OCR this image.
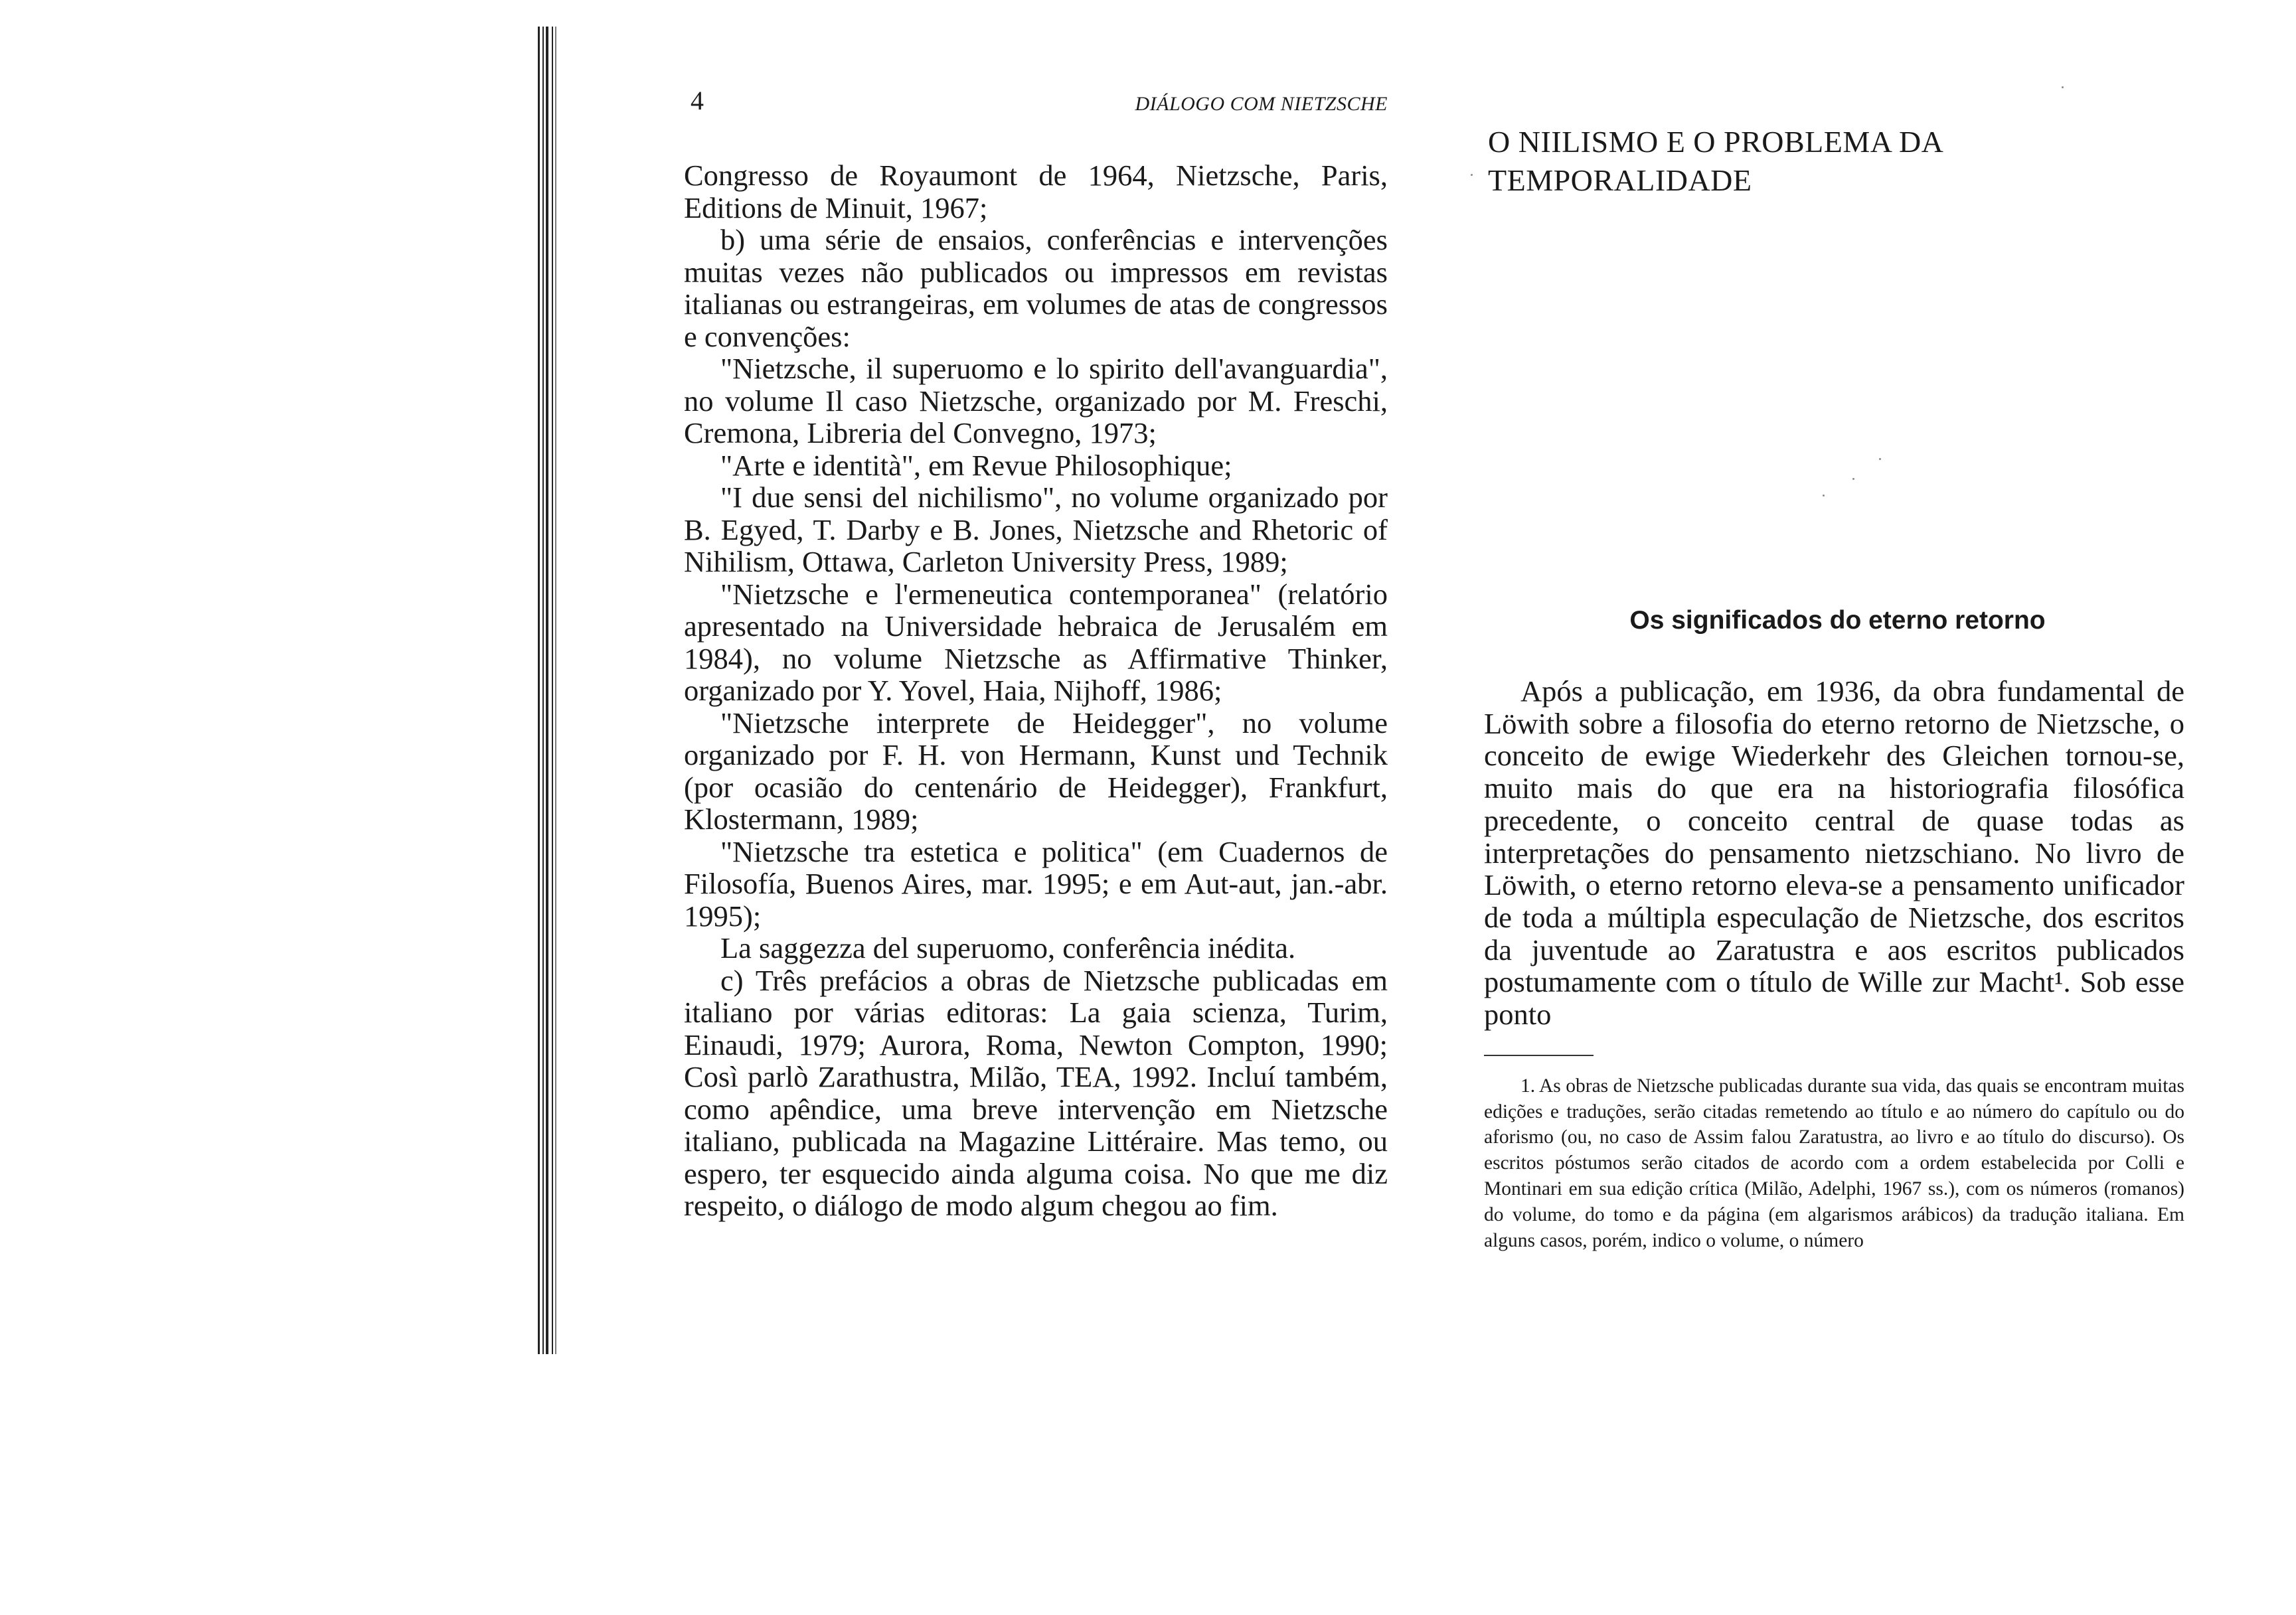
4	DIÁLOGO COM NIETZSCHE

Congresso de Royaumont de 1964, Nietzsche, Paris, Editions de Minuit, 1967;

b) uma série de ensaios, conferências e intervenções muitas vezes não publicados ou impressos em revistas italianas ou estrangeiras, em volumes de atas de congressos e convenções:

"Nietzsche, il superuomo e lo spirito dell'avanguardia", no volume Il caso Nietzsche, organizado por M. Freschi, Cremona, Libreria del Convegno, 1973;

"Arte e identità", em Revue Philosophique;

"I due sensi del nichilismo", no volume organizado por B. Egyed, T. Darby e B. Jones, Nietzsche and Rhetoric of Nihilism, Ottawa, Carleton University Press, 1989;

"Nietzsche e l'ermeneutica contemporanea" (relatório apresentado na Universidade hebraica de Jerusalém em 1984), no volume Nietzsche as Affirmative Thinker, organizado por Y. Yovel, Haia, Nijhoff, 1986;

"Nietzsche interprete de Heidegger", no volume organizado por F. H. von Hermann, Kunst und Technik (por ocasião do centenário de Heidegger), Frankfurt, Klostermann, 1989;

"Nietzsche tra estetica e politica" (em Cuadernos de Filosofía, Buenos Aires, mar. 1995; e em Aut-aut, jan.-abr. 1995);

La saggezza del superuomo, conferência inédita.

c) Três prefácios a obras de Nietzsche publicadas em italiano por várias editoras: La gaia scienza, Turim, Einaudi, 1979; Aurora, Roma, Newton Compton, 1990; Così parlò Zarathustra, Milão, TEA, 1992. Incluí também, como apêndice, uma breve intervenção em Nietzsche italiano, publicada na Magazine Littéraire. Mas temo, ou espero, ter esquecido ainda alguma coisa. No que me diz respeito, o diálogo de modo algum chegou ao fim.

O NIILISMO E O PROBLEMA DA TEMPORALIDADE
Os significados do eterno retorno

Após a publicação, em 1936, da obra fundamental de Löwith sobre a filosofia do eterno retorno de Nietzsche, o conceito de ewige Wiederkehr des Gleichen tornou-se, muito mais do que era na historiografia filosófica precedente, o conceito central de quase todas as interpretações do pensamento nietzschiano. No livro de Löwith, o eterno retorno eleva-se a pensamento unificador de toda a múltipla especulação de Nietzsche, dos escritos da juventude ao Zaratustra e aos escritos publicados postumamente com o título de Wille zur Macht¹. Sob esse ponto

1. As obras de Nietzsche publicadas durante sua vida, das quais se encontram muitas edições e traduções, serão citadas remetendo ao título e ao número do capítulo ou do aforismo (ou, no caso de Assim falou Zaratustra, ao livro e ao título do discurso). Os escritos póstumos serão citados de acordo com a ordem estabelecida por Colli e Montinari em sua edição crítica (Milão, Adelphi, 1967 ss.), com os números (romanos) do volume, do tomo e da página (em algarismos arábicos) da tradução italiana. Em alguns casos, porém, indico o volume, o número
